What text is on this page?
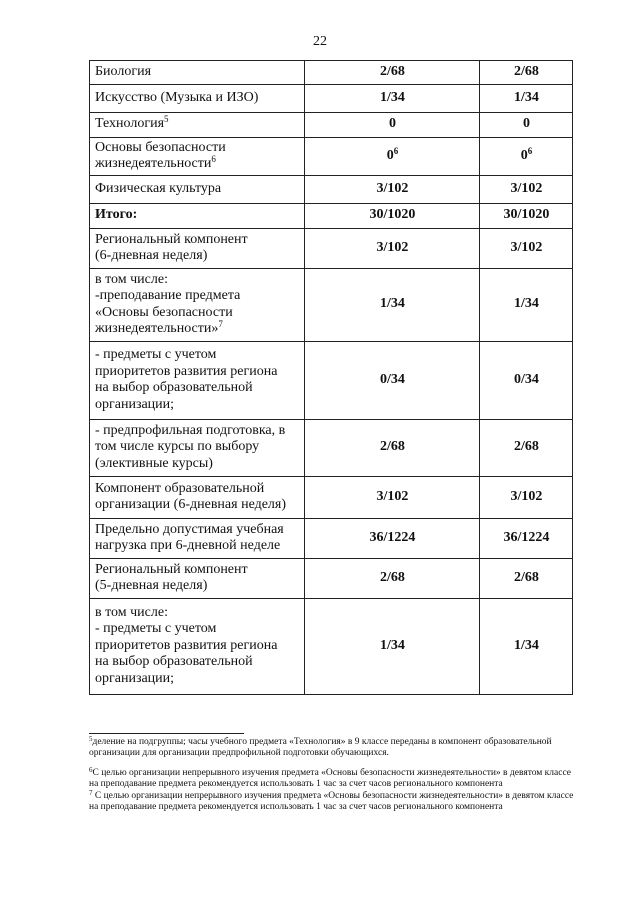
22
Биология	2/68	2/68
Искусство (Музыка и ИЗО)	1/34	1/34
Технология$^5$	0	0
Основы безопасности
жизнедеятельности$^6$	$0^6$	$0^6$
Физическая культура	3/102	3/102
Итого:	30/1020	30/1020
Региональный компонент
(6-дневная неделя)	3/102	3/102
в том числе:
-преподавание предмета
«Основы безопасности
жизнедеятельности»$^7$	1/34	1/34
- предметы с учетом
приоритетов развития региона
на выбор образовательной
организации;	0/34	0/34
- предпрофильная подготовка, в
том числе курсы по выбору
(элективные курсы)	2/68	2/68
Компонент образовательной
организации (6-дневная неделя)	3/102	3/102
Предельно допустимая учебная
нагрузка при 6-дневной неделе	36/1224	36/1224
Региональный компонент
(5-дневная неделя)	2/68	2/68
в том числе:
- предметы с учетом
приоритетов развития региона
на выбор образовательной
организации;	1/34	1/34
$^5$деление на подгруппы; часы учебного предмета «Технология» в 9 классе переданы в компонент образовательной организации для организации предпрофильной подготовки обучающихся.
$^6$С целью организации непрерывного изучения предмета «Основы безопасности жизнедеятельности» в девятом классе на преподавание предмета рекомендуется использовать 1 час за счет часов регионального компонента
$^7$ С целью организации непрерывного изучения предмета «Основы безопасности жизнедеятельности» в девятом классе на преподавание предмета рекомендуется использовать 1 час за счет часов регионального компонента
